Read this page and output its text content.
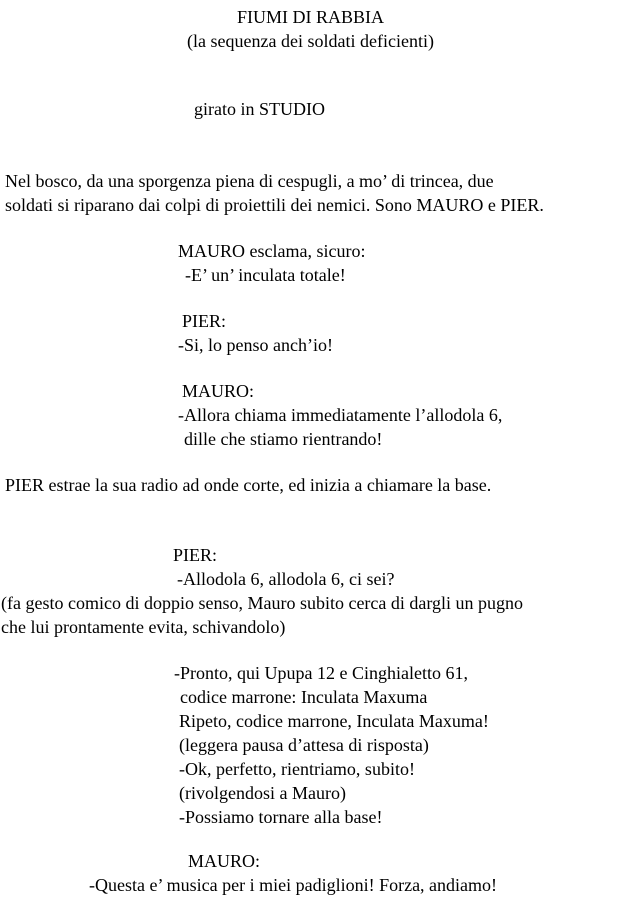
FIUMI DI RABBIA
(la sequenza dei soldati deficienti)
girato in STUDIO
Nel bosco, da una sporgenza piena di cespugli, a mo’ di trincea, due
soldati si riparano dai colpi di proiettili dei nemici. Sono MAURO e PIER.
MAURO esclama, sicuro:
-E’ un’ inculata totale!
PIER:
-Si, lo penso anch’io!
MAURO:
-Allora chiama immediatamente l’allodola 6,
dille che stiamo rientrando!
PIER estrae la sua radio ad onde corte, ed inizia a chiamare la base.
PIER:
-Allodola 6, allodola 6, ci sei?
(fa gesto comico di doppio senso, Mauro subito cerca di dargli un pugno
che lui prontamente evita, schivandolo)
-Pronto, qui Upupa 12 e Cinghialetto 61,
codice marrone: Inculata Maxuma
Ripeto, codice marrone, Inculata Maxuma!
(leggera pausa d’attesa di risposta)
-Ok, perfetto, rientriamo, subito!
(rivolgendosi a Mauro)
-Possiamo tornare alla base!
MAURO:
-Questa e’ musica per i miei padiglioni! Forza, andiamo!
